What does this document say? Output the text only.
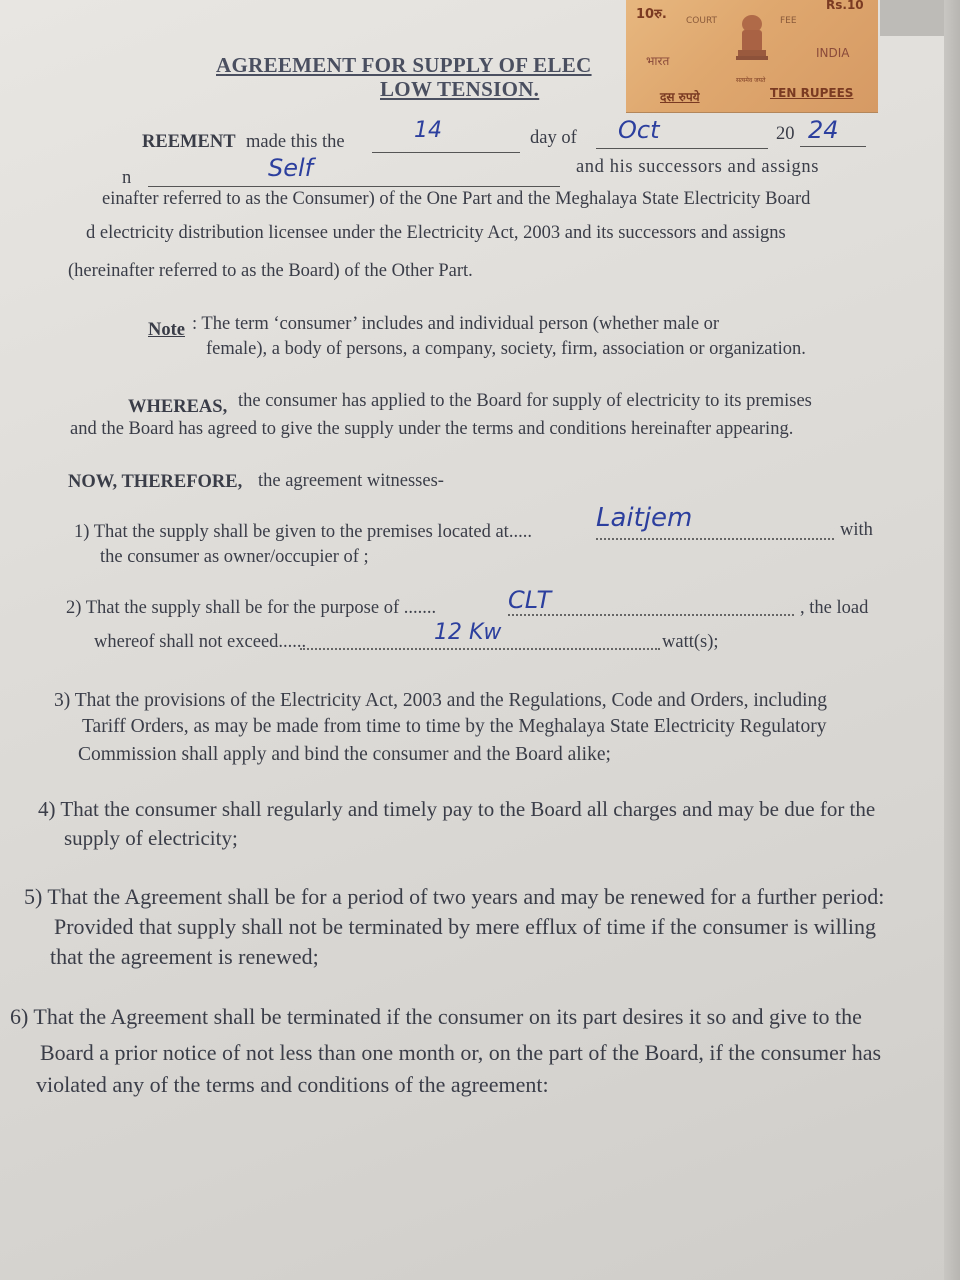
10रु.
Rs.10
COURT	FEE
भारत
INDIA
सत्यमेव जयते
दस रुपये	TEN RUPEES
AGREEMENT FOR SUPPLY OF ELEC
LOW TENSION.
REEMENT made this the	14	day of Oct	20 24
n	Self	and his successors and assigns
einafter referred to as the Consumer) of the One Part and the Meghalaya State Electricity Board
d electricity distribution licensee under the Electricity Act, 2003 and its successors and assigns
(hereinafter referred to as the Board) of the Other Part.
Note : The term ‘consumer’ includes and individual person (whether male or
female), a body of persons, a company, society, firm, association or organization.
WHEREAS, the consumer has applied to the Board for supply of electricity to its premises
and the Board has agreed to give the supply under the terms and conditions hereinafter appearing.
NOW, THEREFORE, the agreement witnesses-
1) That the supply shall be given to the premises located at..... Laitjem	with
the consumer as owner/occupier of ;
2) That the supply shall be for the purpose of .......	CLT	, the load
whereof shall not exceed......	12 Kw	watt(s);
3) That the provisions of the Electricity Act, 2003 and the Regulations, Code and Orders, including
Tariff Orders, as may be made from time to time by the Meghalaya State Electricity Regulatory
Commission shall apply and bind the consumer and the Board alike;
4) That the consumer shall regularly and timely pay to the Board all charges and may be due for the
supply of electricity;
5) That the Agreement shall be for a period of two years and may be renewed for a further period:
Provided that supply shall not be terminated by mere efflux of time if the consumer is willing
that the agreement is renewed;
6) That the Agreement shall be terminated if the consumer on its part desires it so and give to the
Board a prior notice of not less than one month or, on the part of the Board, if the consumer has
violated any of the terms and conditions of the agreement:
